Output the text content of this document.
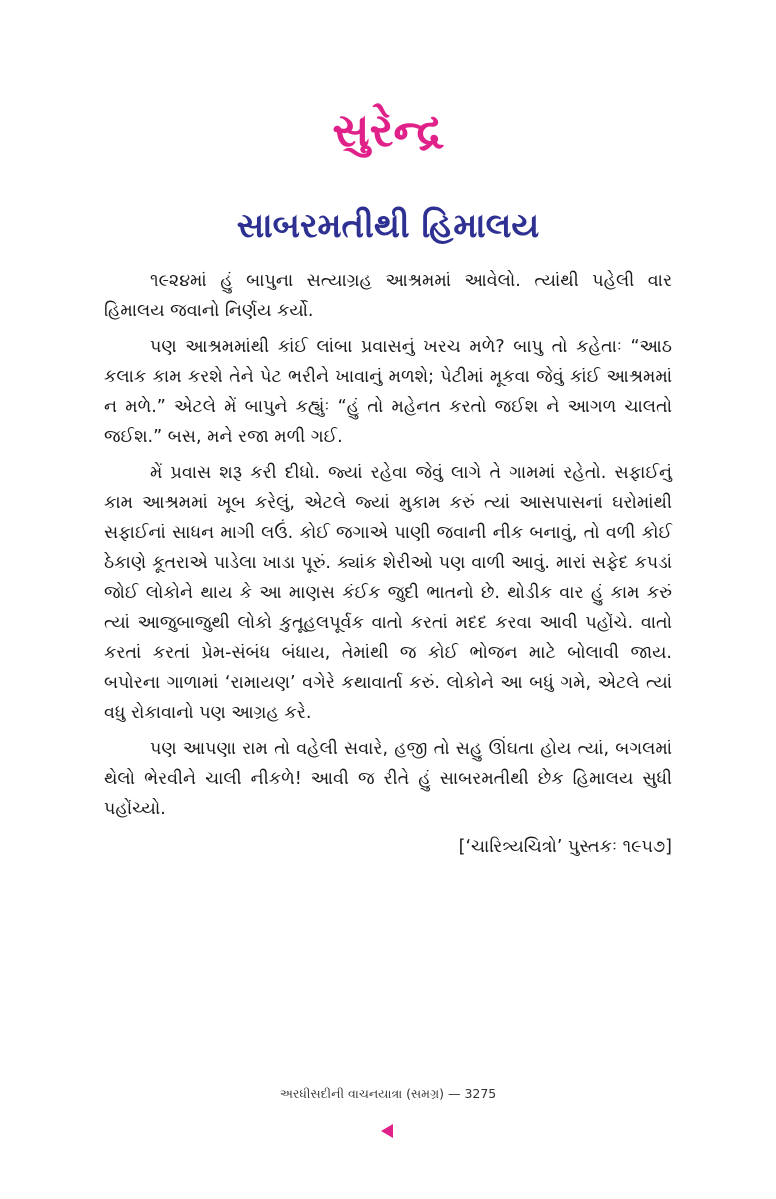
સુરેન્દ્ર
સાબરમતીથી હિમાલય

૧૯૨૪માં હું બાપુના સત્યાગ્રહ આશ્રમમાં આવેલો. ત્યાંથી પહેલી વાર હિમાલય જવાનો નિર્ણય કર્યો.

પણ આશ્રમમાંથી કાંઈ લાંબા પ્રવાસનું ખરચ મળે? બાપુ તો કહેતાઃ “આઠ કલાક કામ કરશે તેને પેટ ભરીને ખાવાનું મળશે; પેટીમાં મૂકવા જેવું કાંઈ આશ્રમમાં ન મળે.” એટલે મેં બાપુને કહ્યુંઃ “હું તો મહેનત કરતો જઈશ ને આગળ ચાલતો જઈશ.” બસ, મને રજા મળી ગઈ.

મેં પ્રવાસ શરૂ કરી દીધો. જ્યાં રહેવા જેવું લાગે તે ગામમાં રહેતો. સફાઈનું કામ આશ્રમમાં ખૂબ કરેલું, એટલે જ્યાં મુકામ કરું ત્યાં આસપાસનાં ઘરોમાંથી સફાઈનાં સાધન માગી લઉં. કોઈ જગાએ પાણી જવાની નીક બનાવું, તો વળી કોઈ ઠેકાણે કૂતરાએ પાડેલા ખાડા પૂરું. ક્યાંક શેરીઓ પણ વાળી આવું. મારાં સફેદ કપડાં જોઈ લોકોને થાય કે આ માણસ કંઈક જુદી ભાતનો છે. થોડીક વાર હું કામ કરું ત્યાં આજુબાજુથી લોકો કુતૂહલપૂર્વક વાતો કરતાં મદદ કરવા આવી પહોંચે. વાતો કરતાં કરતાં પ્રેમ-સંબંધ બંધાય, તેમાંથી જ કોઈ ભોજન માટે બોલાવી જાય. બપોરના ગાળામાં ‘રામાયણ’ વગેરે કથાવાર્તા કરું. લોકોને આ બધું ગમે, એટલે ત્યાં વધુ રોકાવાનો પણ આગ્રહ કરે.

પણ આપણા રામ તો વહેલી સવારે, હજી તો સહુ ઊંઘતા હોય ત્યાં, બગલમાં થેલો ભેરવીને ચાલી નીકળે! આવી જ રીતે હું સાબરમતીથી છેક હિમાલય સુધી પહોંચ્યો.

[‘ચારિત્ર્યચિત્રો’ પુસ્તકઃ ૧૯૫૭]

અરધીસદીની વાચનયાત્રા (સમગ્ર) — 3275
